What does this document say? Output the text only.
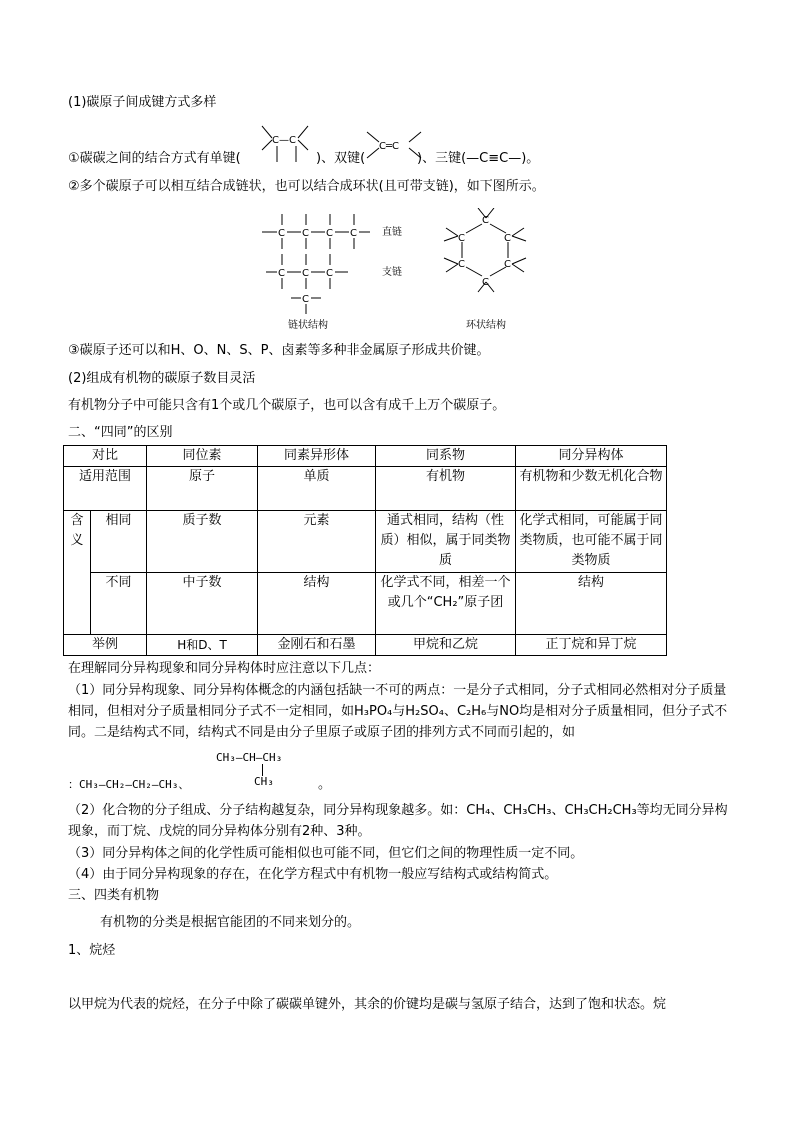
(1)碳原子间成键方式多样
C—C
C═C
①碳碳之间的结合方式有单键(	)、双键(	)、三键(—C≡C—)。
②多个碳原子可以相互结合成链状，也可以结合成环状(且可带支链)，如下图所示。
C C C C
C C C
C
直链
支链
链状结构
C
C
C
C
C
C
环状结构
③碳原子还可以和H、O、N、S、P、卤素等多种非金属原子形成共价键。
(2)组成有机物的碳原子数目灵活
有机物分子中可能只含有1个或几个碳原子，也可以含有成千上万个碳原子。
二、“四同”的区别
对比		同位素	同素异形体	同系物	同分异构体
适用范围		原子	单质	有机物	有机物和少数无机化合物
含义	相同	质子数	元素	通式相同，结构（性质）相似，属于同类物质	化学式相同，可能属于同类物质，也可能不属于同类物质
	不同	中子数	结构	化学式不同，相差一个或几个“CH₂”原子团	结构
举例		H和D、T	金刚石和石墨	甲烷和乙烷	正丁烷和异丁烷
在理解同分异构现象和同分异构体时应注意以下几点：
（1）同分异构现象、同分异构体概念的内涵包括缺一不可的两点：一是分子式相同，分子式相同必然相对分子质量相同，但相对分子质量相同分子式不一定相同，如H₃PO₄与H₂SO₄、C₂H₆与NO均是相对分子质量相同，但分子式不同。二是结构式不同，结构式不同是由分子里原子或原子团的排列方式不同而引起的，如
：CH₃—CH₂—CH₂—CH₃、
CH₃—CH—CH₃
CH₃	。
（2）化合物的分子组成、分子结构越复杂，同分异构现象越多。如：CH₄、CH₃CH₃、CH₃CH₂CH₃等均无同分异构现象，而丁烷、戊烷的同分异构体分别有2种、3种。
（3）同分异构体之间的化学性质可能相似也可能不同，但它们之间的物理性质一定不同。
（4）由于同分异构现象的存在，在化学方程式中有机物一般应写结构式或结构简式。
三、四类有机物
有机物的分类是根据官能团的不同来划分的。
1、烷烃
以甲烷为代表的烷烃，在分子中除了碳碳单键外，其余的价键均是碳与氢原子结合，达到了饱和状态。烷
